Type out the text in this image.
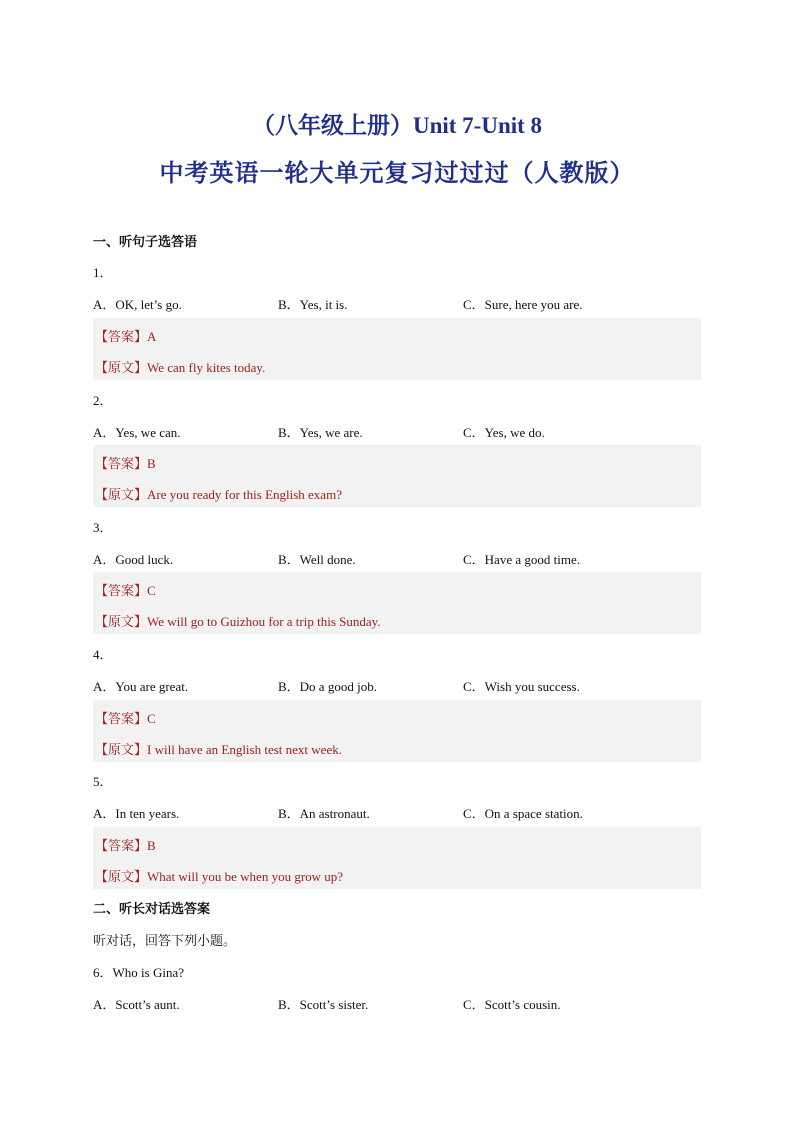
（八年级上册）Unit 7-Unit 8
中考英语一轮大单元复习过过过（人教版）
一、听句子选答语
1．
A．OK, let’s go.	B．Yes, it is.	C．Sure, here you are.
【答案】A
【原文】We can fly kites today.
2．
A．Yes, we can.	B．Yes, we are.	C．Yes, we do.
【答案】B
【原文】Are you ready for this English exam?
3．
A．Good luck.	B．Well done.	C．Have a good time.
【答案】C
【原文】We will go to Guizhou for a trip this Sunday.
4．
A．You are great.	B．Do a good job.	C．Wish you success.
【答案】C
【原文】I will have an English test next week.
5．
A．In ten years.	B．An astronaut.	C．On a space station.
【答案】B
【原文】What will you be when you grow up?
二、听长对话选答案
听对话，回答下列小题。
6．Who is Gina?
A．Scott’s aunt.	B．Scott’s sister.	C．Scott’s cousin.
